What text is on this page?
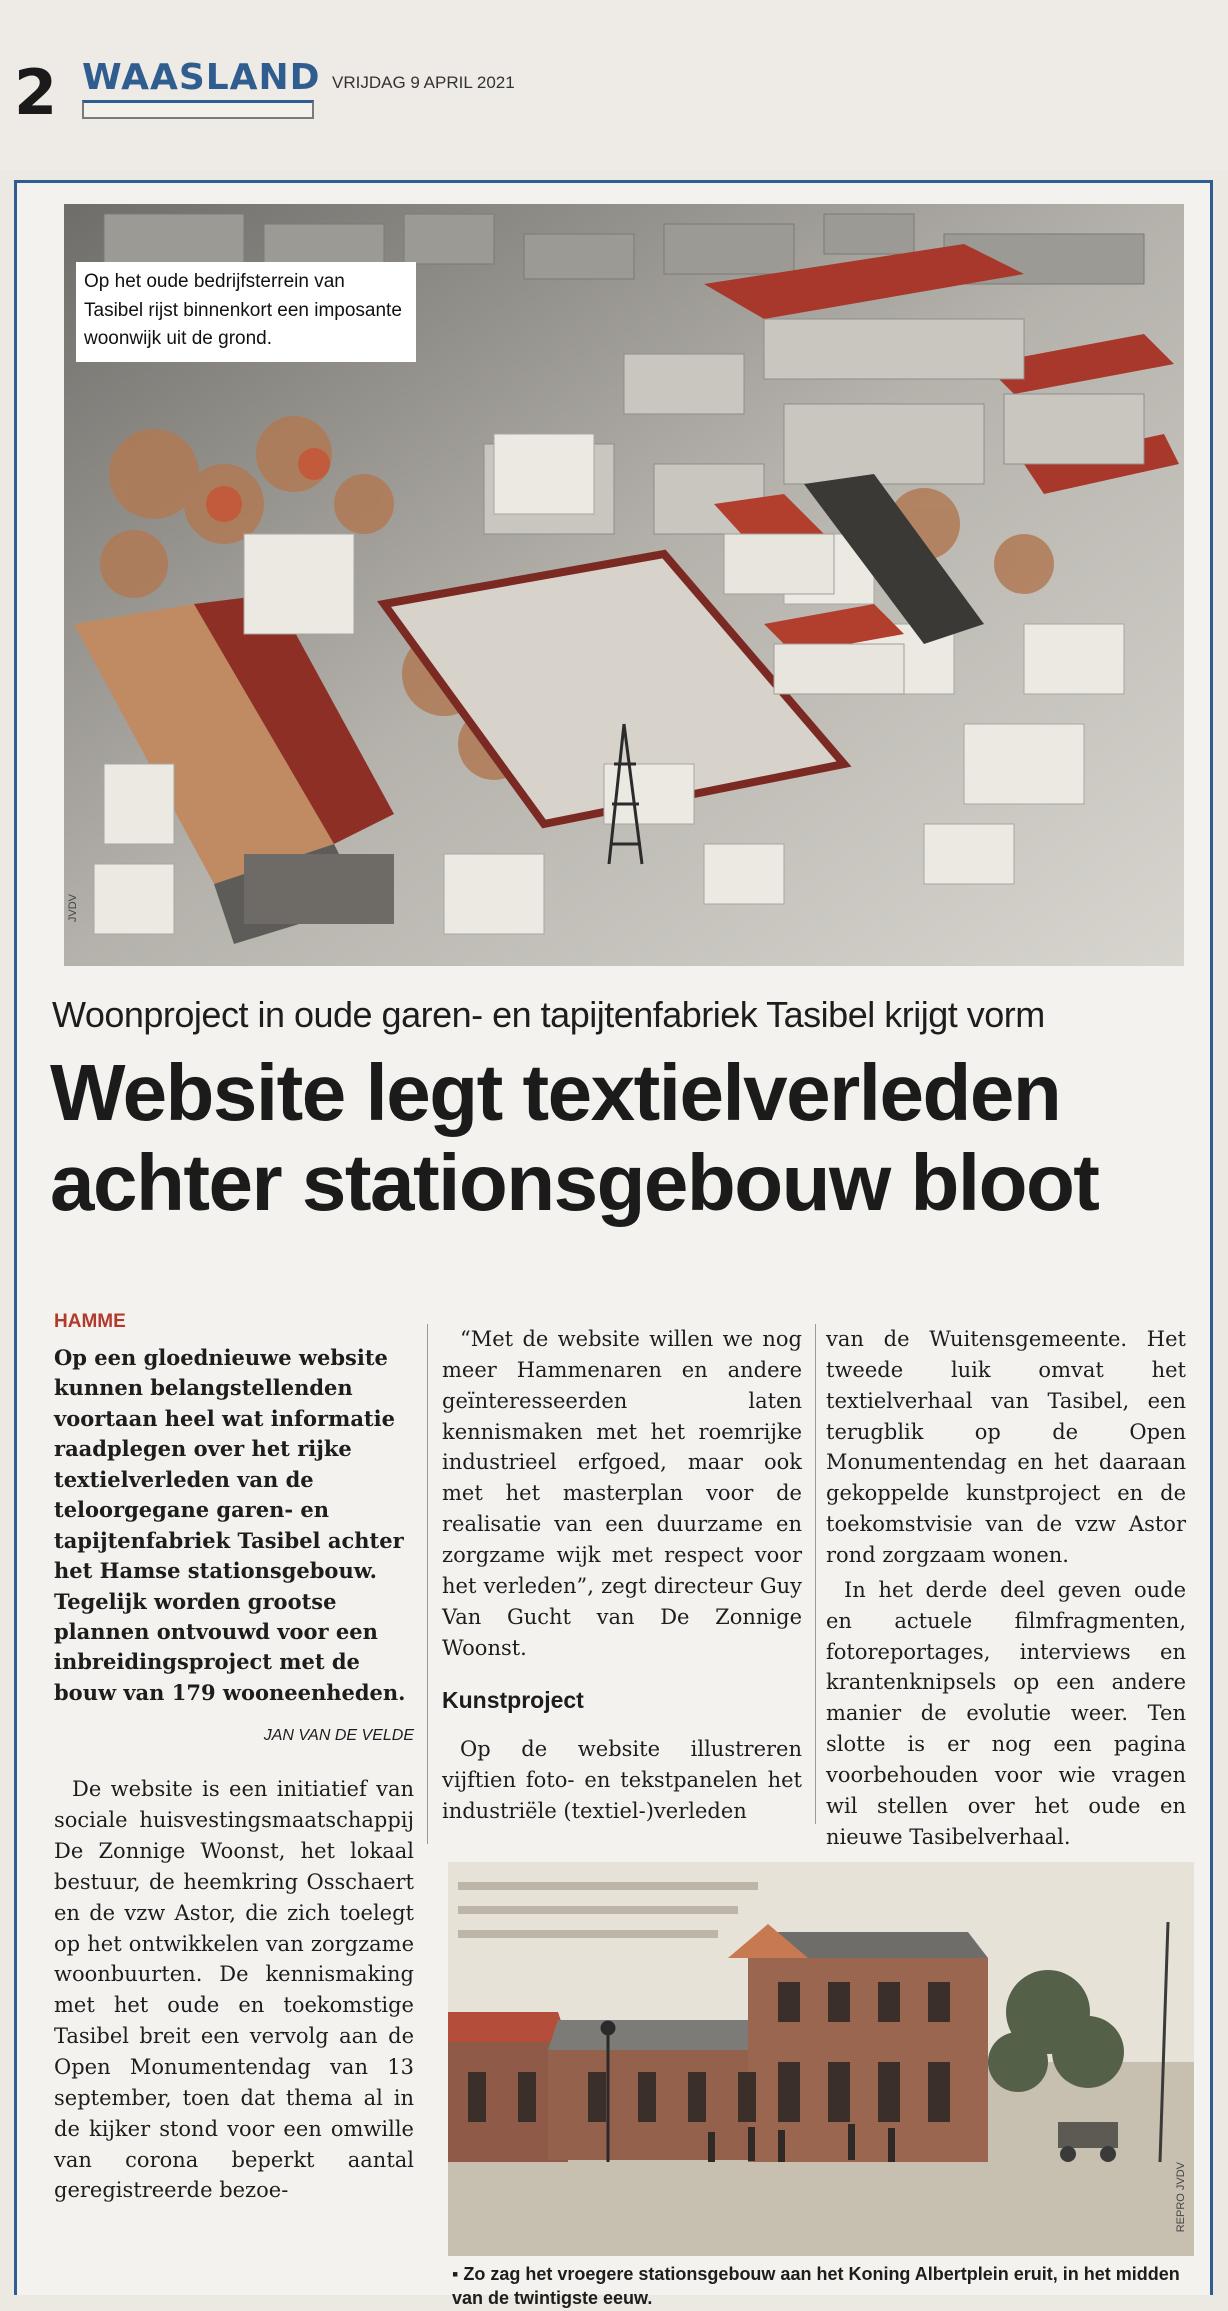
2 WAASLAND VRIJDAG 9 APRIL 2021
JVDV
Op het oude bedrijfsterrein van Tasibel rijst binnenkort een imposante woonwijk uit de grond.
Woonproject in oude garen- en tapijtenfabriek Tasibel krijgt vorm
Website legt textielverleden achter stationsgebouw bloot
HAMME

Op een gloednieuwe website kunnen belangstellenden voortaan heel wat informatie raadplegen over het rijke textielverleden van de teloorgegane garen- en tapijtenfabriek Tasibel achter het Hamse stationsgebouw. Tegelijk worden grootse plannen ontvouwd voor een inbreidingsproject met de bouw van 179 wooneenheden.

JAN VAN DE VELDE

De website is een initiatief van sociale huisvestingsmaatschappij De Zonnige Woonst, het lokaal bestuur, de heemkring Osschaert en de vzw Astor, die zich toelegt op het ontwikkelen van zorgzame woonbuurten. De kennismaking met het oude en toekomstige Tasibel breit een vervolg aan de Open Monumentendag van 13 september, toen dat thema al in de kijker stond voor een omwille van corona beperkt aantal geregistreerde bezoe-

“Met de website willen we nog meer Hammenaren en andere geïnteresseerden laten kennismaken met het roemrijke industrieel erfgoed, maar ook met het masterplan voor de realisatie van een duurzame en zorgzame wijk met respect voor het verleden”, zegt directeur Guy Van Gucht van De Zonnige Woonst.

Kunstproject

Op de website illustreren vijftien foto- en tekstpanelen het industriële (textiel-)verleden

van de Wuitensgemeente. Het tweede luik omvat het textielverhaal van Tasibel, een terugblik op de Open Monumentendag en het daaraan gekoppelde kunstproject en de toekomstvisie van de vzw Astor rond zorgzaam wonen.

In het derde deel geven oude en actuele filmfragmenten, fotoreportages, interviews en krantenknipsels op een andere manier de evolutie weer. Ten slotte is er nog een pagina voorbehouden voor wie vragen wil stellen over het oude en nieuwe Tasibelverhaal.

REPRO JVDV
▪ Zo zag het vroegere stationsgebouw aan het Koning Albertplein eruit, in het midden van de twintigste eeuw.
